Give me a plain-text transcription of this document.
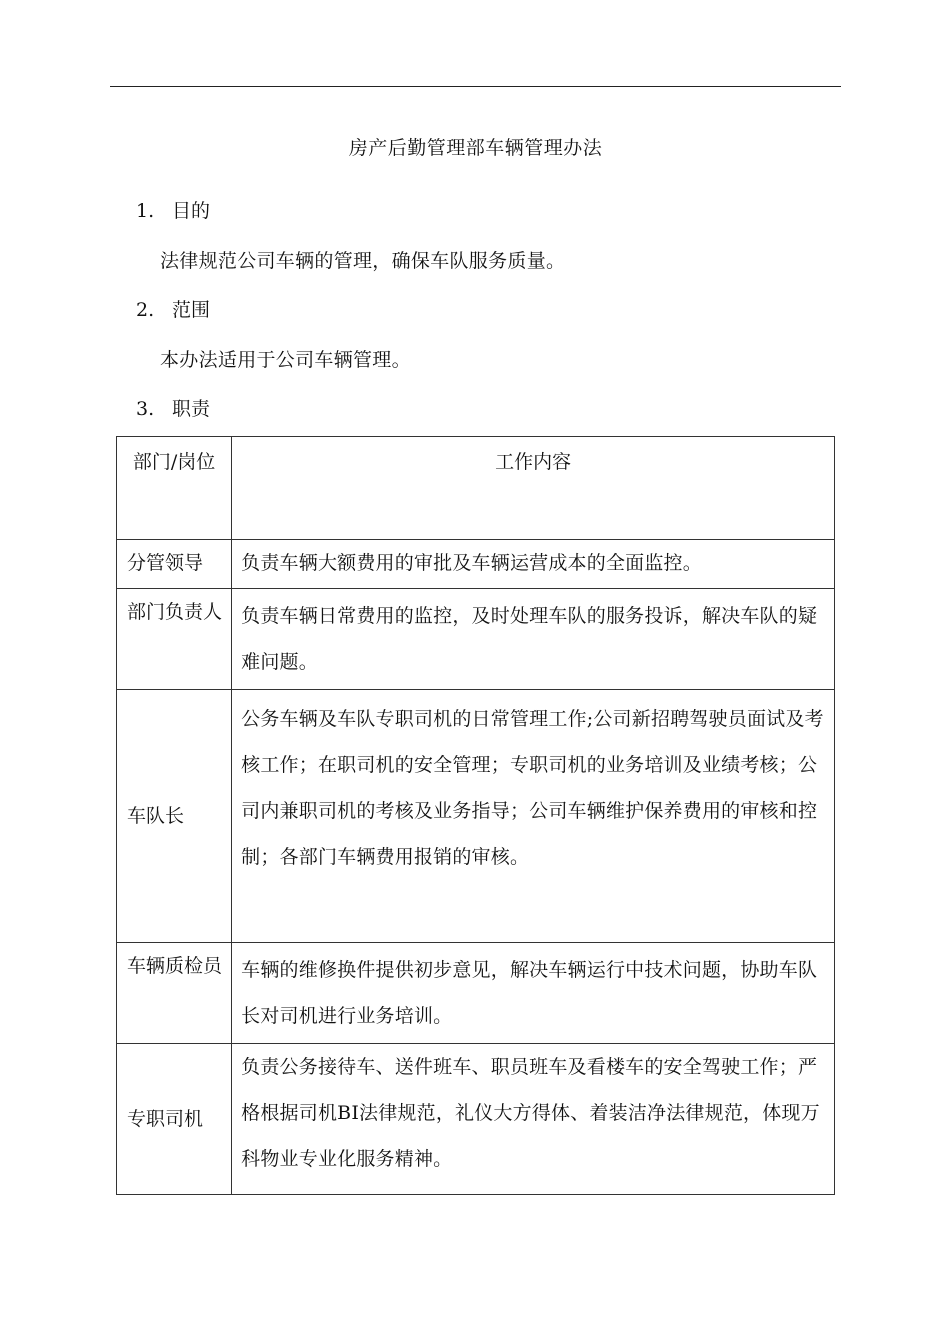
房产后勤管理部车辆管理办法
1. 目的
法律规范公司车辆的管理，确保车队服务质量。
2. 范围
本办法适用于公司车辆管理。
3. 职责
部门/岗位	工作内容
分管领导	负责车辆大额费用的审批及车辆运营成本的全面监控。
部门负责人	负责车辆日常费用的监控，及时处理车队的服务投诉，解决车队的疑难问题。
车队长	公务车辆及车队专职司机的日常管理工作;公司新招聘驾驶员面试及考核工作；在职司机的安全管理；专职司机的业务培训及业绩考核；公司内兼职司机的考核及业务指导；公司车辆维护保养费用的审核和控制；各部门车辆费用报销的审核。
车辆质检员	车辆的维修换件提供初步意见，解决车辆运行中技术问题，协助车队长对司机进行业务培训。
专职司机	负责公务接待车、送件班车、职员班车及看楼车的安全驾驶工作；严格根据司机BI法律规范，礼仪大方得体、着装洁净法律规范，体现万科物业专业化服务精神。
